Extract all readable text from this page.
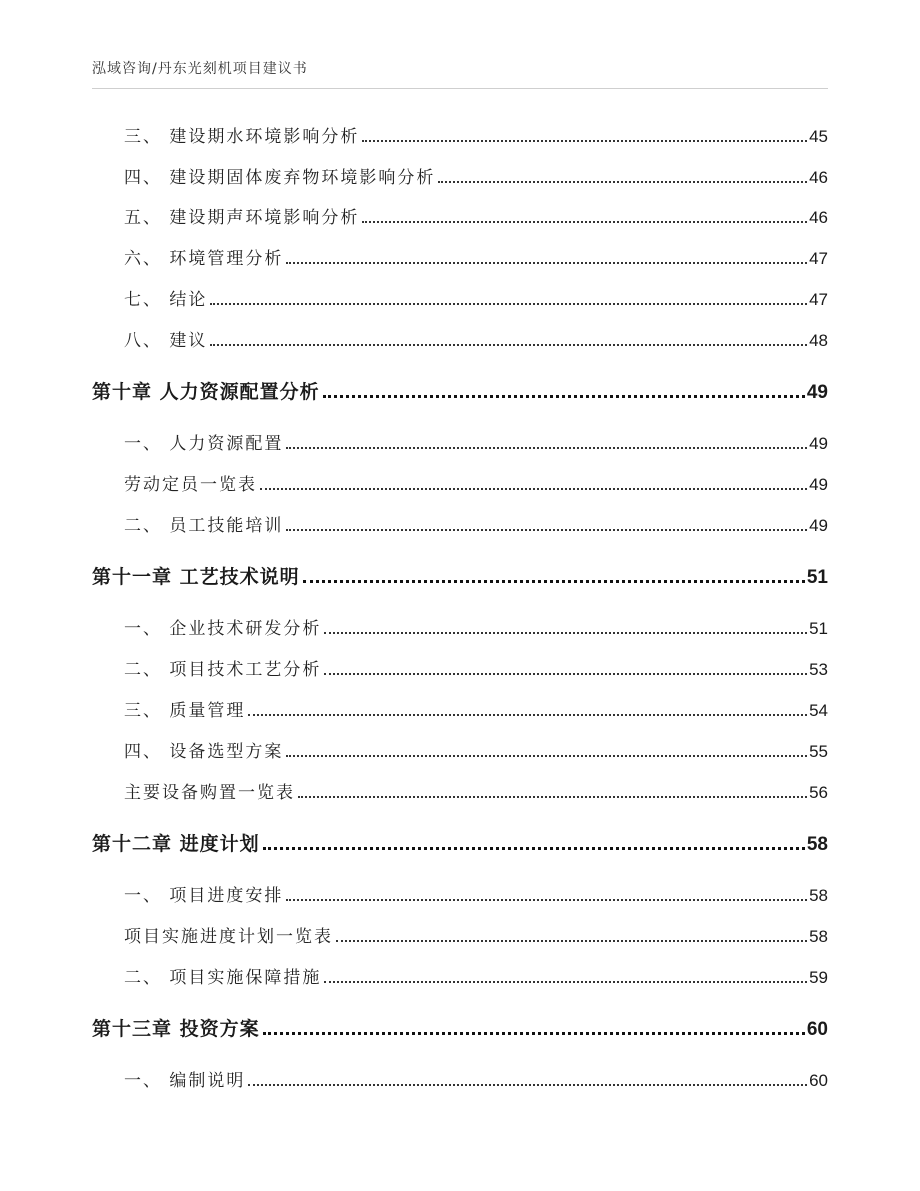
泓域咨询/丹东光刻机项目建议书
三、 建设期水环境影响分析	45
四、 建设期固体废弃物环境影响分析	46
五、 建设期声环境影响分析	46
六、 环境管理分析	47
七、 结论	47
八、 建议	48
第十章 人力资源配置分析	49
一、 人力资源配置	49
劳动定员一览表	49
二、 员工技能培训	49
第十一章 工艺技术说明	51
一、 企业技术研发分析	51
二、 项目技术工艺分析	53
三、 质量管理	54
四、 设备选型方案	55
主要设备购置一览表	56
第十二章 进度计划	58
一、 项目进度安排	58
项目实施进度计划一览表	58
二、 项目实施保障措施	59
第十三章 投资方案	60
一、 编制说明	60
